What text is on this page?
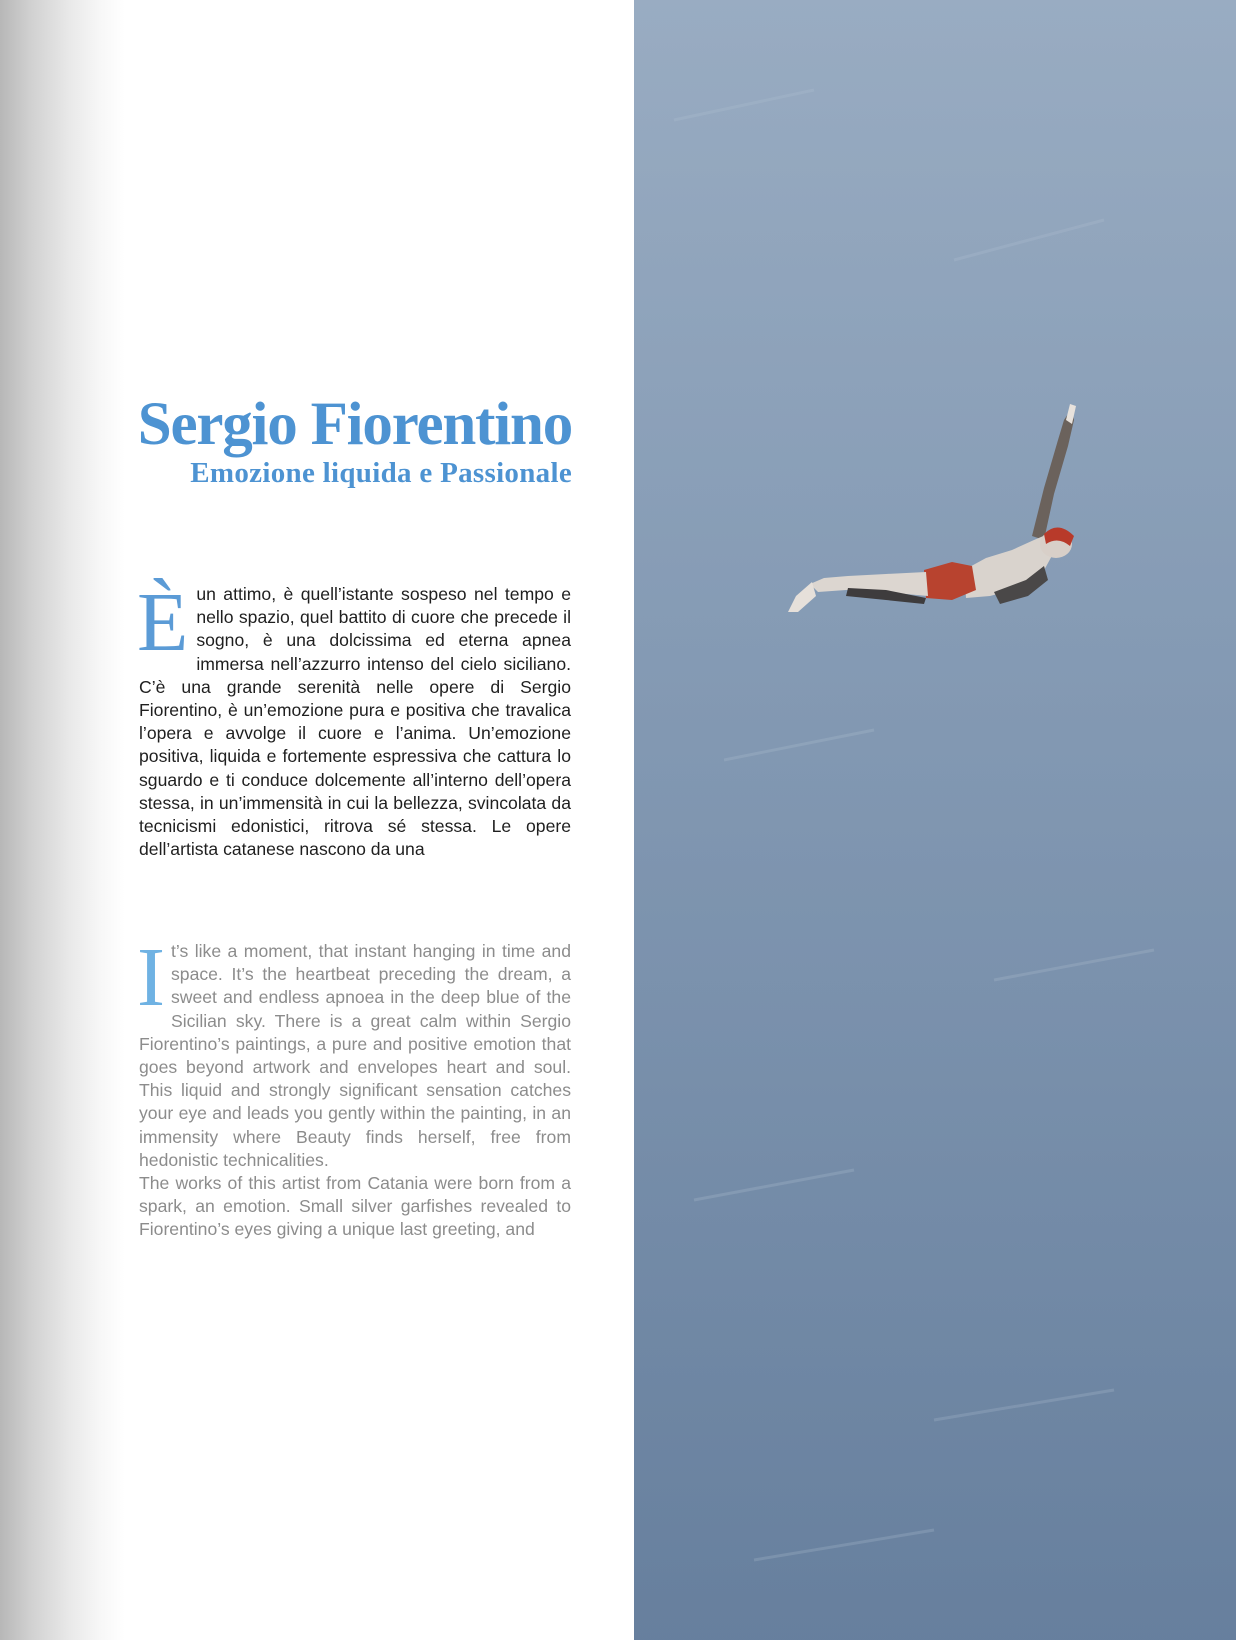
Sergio Fiorentino
Emozione liquida e Passionale
È un attimo, è quell’istante sospeso nel tempo e nello spazio, quel battito di cuore che precede il sogno, è una dolcissima ed eterna apnea immersa nell’azzurro intenso del cielo siciliano. C’è una grande serenità nelle opere di Sergio Fiorentino, è un’emozione pura e positiva che travalica l’opera e avvolge il cuore e l’anima. Un’emozione positiva, liquida e fortemente espressiva che cattura lo sguardo e ti conduce dolcemente all’interno dell’opera stessa, in un’immensità in cui la bellezza, svincolata da tecnicismi edonistici, ritrova sé stessa. Le opere dell’artista catanese nascono da una

I t’s like a moment, that instant hanging in time and space. It’s the heartbeat preceding the dream, a sweet and endless apnoea in the deep blue of the Sicilian sky. There is a great calm within Sergio Fiorentino’s paintings, a pure and positive emotion that goes beyond artwork and envelopes heart and soul. This liquid and strongly significant sensation catches your eye and leads you gently within the painting, in an immensity where Beauty finds herself, free from hedonistic technicalities.

The works of this artist from Catania were born from a spark, an emotion. Small silver garfishes revealed to Fiorentino’s eyes giving a unique last greeting, and
